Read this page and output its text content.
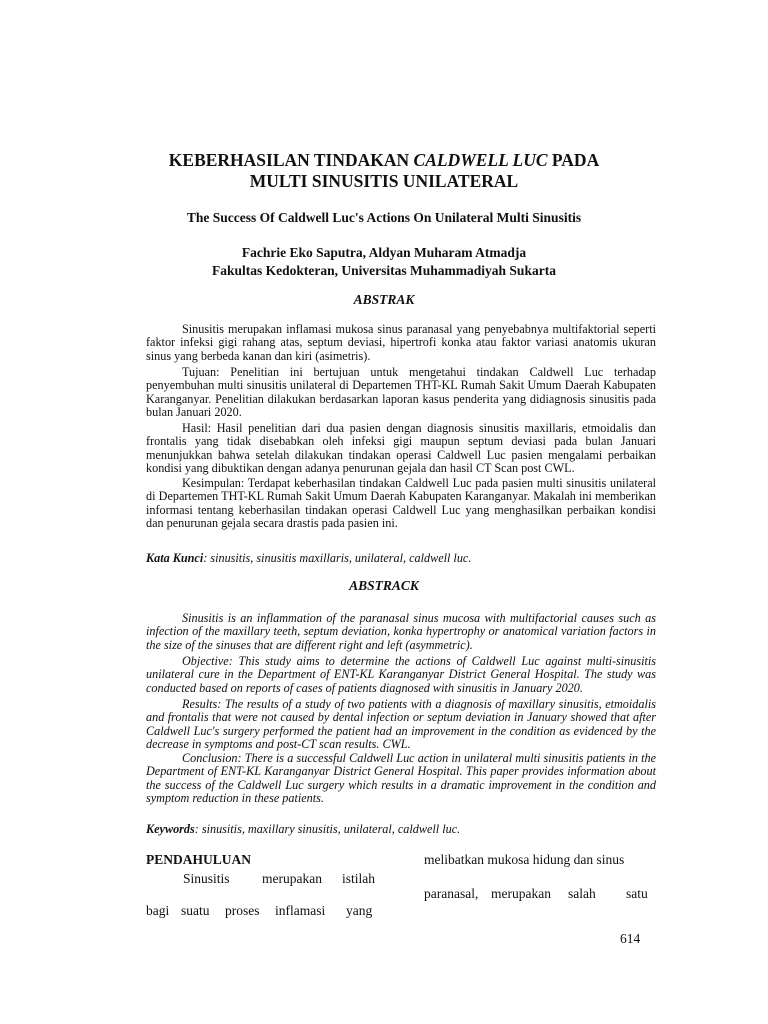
KEBERHASILAN TINDAKAN CALDWELL LUC PADA
MULTI SINUSITIS UNILATERAL
The Success Of Caldwell Luc's Actions On Unilateral Multi Sinusitis
Fachrie Eko Saputra, Aldyan Muharam Atmadja
Fakultas Kedokteran, Universitas Muhammadiyah Sukarta
ABSTRAK

Sinusitis merupakan inflamasi mukosa sinus paranasal yang penyebabnya multifaktorial seperti faktor infeksi gigi rahang atas, septum deviasi, hipertrofi konka atau faktor variasi anatomis ukuran sinus yang berbeda kanan dan kiri (asimetris).

Tujuan: Penelitian ini bertujuan untuk mengetahui tindakan Caldwell Luc terhadap penyembuhan multi sinusitis unilateral di Departemen THT-KL Rumah Sakit Umum Daerah Kabupaten Karanganyar. Penelitian dilakukan berdasarkan laporan kasus penderita yang didiagnosis sinusitis pada bulan Januari 2020.

Hasil: Hasil penelitian dari dua pasien dengan diagnosis sinusitis maxillaris, etmoidalis dan frontalis yang tidak disebabkan oleh infeksi gigi maupun septum deviasi pada bulan Januari menunjukkan bahwa setelah dilakukan tindakan operasi Caldwell Luc pasien mengalami perbaikan kondisi yang dibuktikan dengan adanya penurunan gejala dan hasil CT Scan post CWL.

Kesimpulan: Terdapat keberhasilan tindakan Caldwell Luc pada pasien multi sinusitis unilateral di Departemen THT-KL Rumah Sakit Umum Daerah Kabupaten Karanganyar. Makalah ini memberikan informasi tentang keberhasilan tindakan operasi Caldwell Luc yang menghasilkan perbaikan kondisi dan penurunan gejala secara drastis pada pasien ini.

Kata Kunci: sinusitis, sinusitis maxillaris, unilateral, caldwell luc.
ABSTRACK

Sinusitis is an inflammation of the paranasal sinus mucosa with multifactorial causes such as infection of the maxillary teeth, septum deviation, konka hypertrophy or anatomical variation factors in the size of the sinuses that are different right and left (asymmetric).

Objective: This study aims to determine the actions of Caldwell Luc against multi-sinusitis unilateral cure in the Department of ENT-KL Karanganyar District General Hospital. The study was conducted based on reports of cases of patients diagnosed with sinusitis in January 2020.

Results: The results of a study of two patients with a diagnosis of maxillary sinusitis, etmoidalis and frontalis that were not caused by dental infection or septum deviation in January showed that after Caldwell Luc's surgery performed the patient had an improvement in the condition as evidenced by the decrease in symptoms and post-CT scan results. CWL.

Conclusion: There is a successful Caldwell Luc action in unilateral multi sinusitis patients in the Department of ENT-KL Karanganyar District General Hospital. This paper provides information about the success of the Caldwell Luc surgery which results in a dramatic improvement in the condition and symptom reduction in these patients.

Keywords: sinusitis, maxillary sinusitis, unilateral, caldwell luc.
PENDAHULUAN
Sinusitis merupakan istilah
bagi suatu proses inflamasi yang
melibatkan mukosa hidung dan sinus
paranasal, merupakan salah satu
614
